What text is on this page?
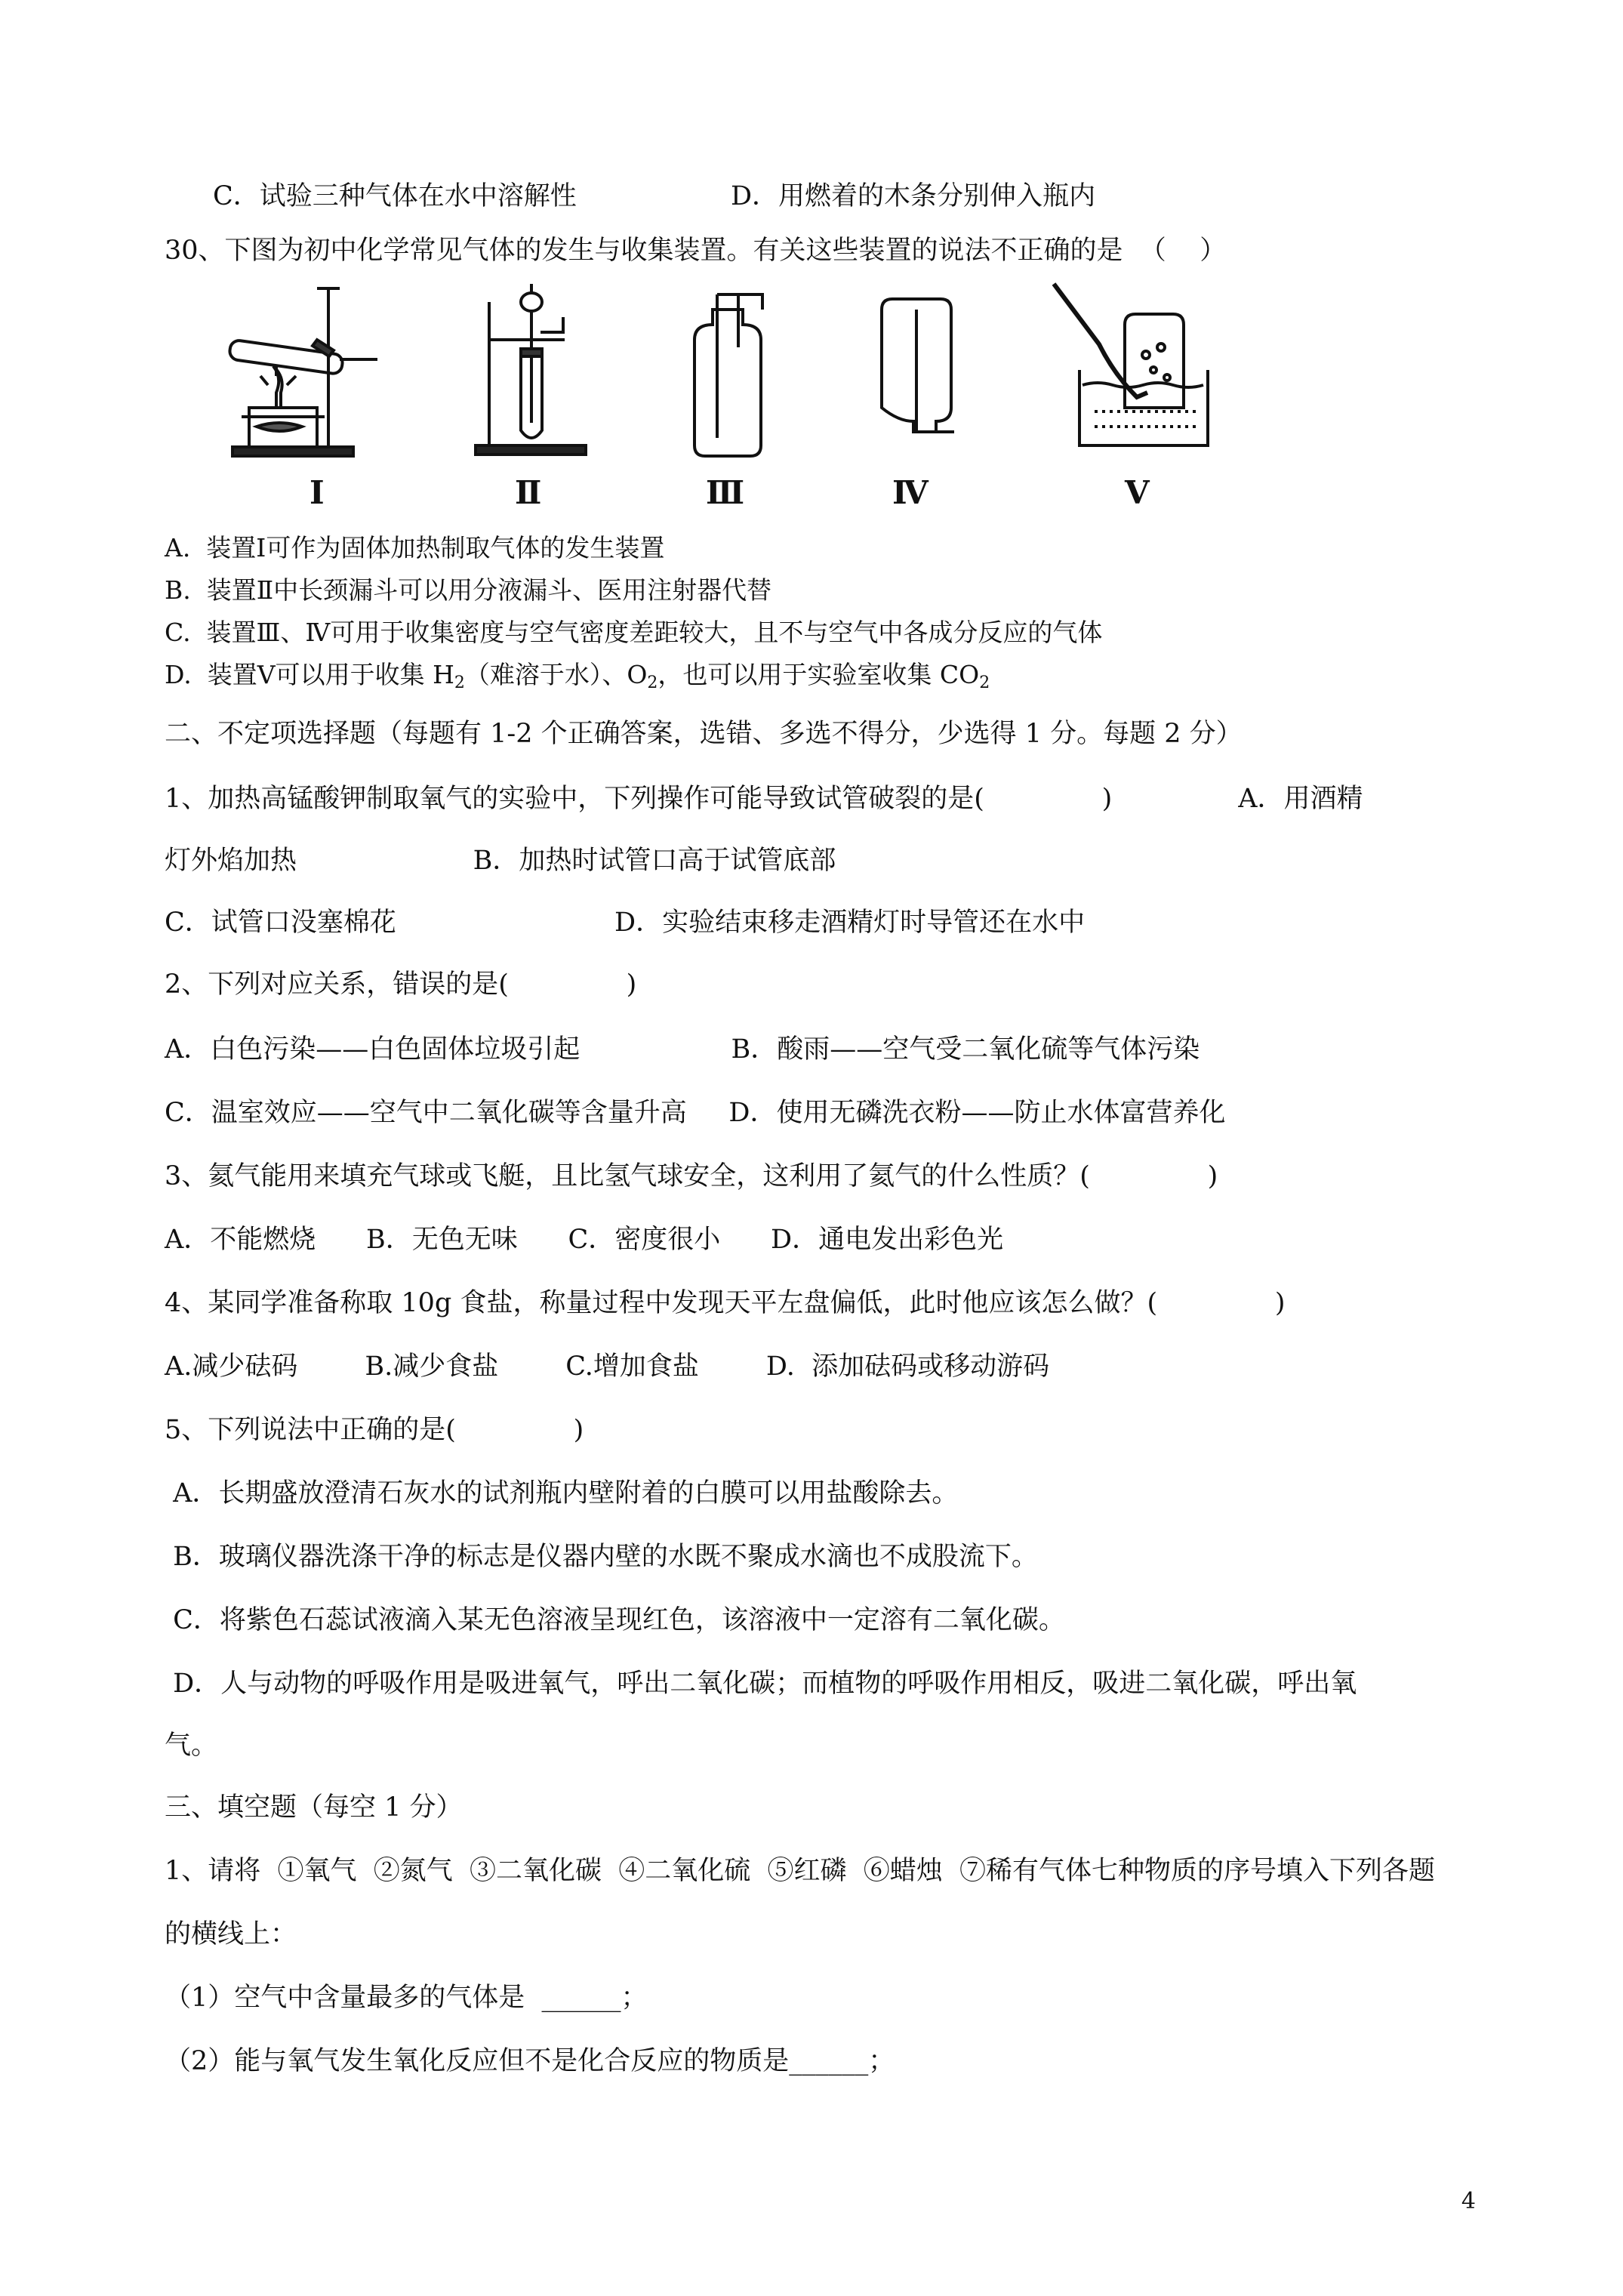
C．试验三种气体在水中溶解性	D．用燃着的木条分别伸入瓶内
30、下图为初中化学常见气体的发生与收集装置。有关这些装置的说法不正确的是  （    ）
Ⅰ	Ⅱ	Ⅲ	Ⅳ	Ⅴ
A.  装置Ⅰ可作为固体加热制取气体的发生装置
B.  装置Ⅱ中长颈漏斗可以用分液漏斗、医用注射器代替
C.  装置Ⅲ、Ⅳ可用于收集密度与空气密度差距较大，且不与空气中各成分反应的气体
D.  装置Ⅴ可以用于收集 $H_2$（难溶于水）、$O_2$，也可以用于实验室收集 $CO_2$
二、不定项选择题（每题有 1-2 个正确答案，选错、多选不得分，少选得 1 分。每题 2 分）
1、加热高锰酸钾制取氧气的实验中，下列操作可能导致试管破裂的是(              )               A．用酒精
灯外焰加热                     B．加热时试管口高于试管底部
C．试管口没塞棉花                          D．实验结束移走酒精灯时导管还在水中
2、下列对应关系，错误的是(              )
A．白色污染——白色固体垃圾引起                  B．酸雨——空气受二氧化硫等气体污染
C．温室效应——空气中二氧化碳等含量升高     D．使用无磷洗衣粉——防止水体富营养化
3、氦气能用来填充气球或飞艇，且比氢气球安全，这利用了氦气的什么性质？(              )
A．不能燃烧      B．无色无味      C．密度很小      D．通电发出彩色光
4、某同学准备称取 10g 食盐，称量过程中发现天平左盘偏低，此时他应该怎么做？(              )
A.减少砝码        B.减少食盐        C.增加食盐        D.  添加砝码或移动游码
5、下列说法中正确的是(              )
A．长期盛放澄清石灰水的试剂瓶内壁附着的白膜可以用盐酸除去。
B．玻璃仪器洗涤干净的标志是仪器内壁的水既不聚成水滴也不成股流下。
C．将紫色石蕊试液滴入某无色溶液呈现红色，该溶液中一定溶有二氧化碳。
D．人与动物的呼吸作用是吸进氧气，呼出二氧化碳；而植物的呼吸作用相反，吸进二氧化碳，呼出氧
气。
三、填空题（每空 1 分）
1、请将  ①氧气  ②氮气  ③二氧化碳  ④二氧化硫  ⑤红磷  ⑥蜡烛  ⑦稀有气体七种物质的序号填入下列各题
的横线上：
（1）空气中含量最多的气体是  ______；
（2）能与氧气发生氧化反应但不是化合反应的物质是______；
4
